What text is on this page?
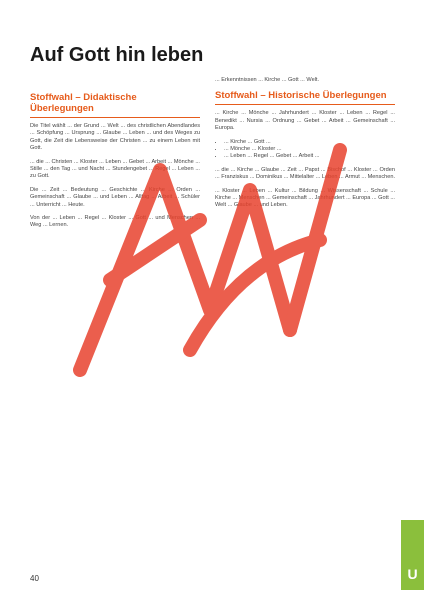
Auf Gott hin leben
Stoffwahl – Didaktische Überlegungen

Die Titel wählt ... der Grund ... Welt ... des christlichen Abendlandes ... Schöpfung ... Ursprung ... Glaube ... Leben ... und des Weges zu Gott, die Zeit die Lebensweise der Christen ... zu einem Leben mit Gott.

... die ... Christen ... Kloster ... Leben ... Gebet ... Arbeit ... Mönche ... Stille ... den Tag ... und Nacht ... Stundengebet ... Regel ... Leben ... zu Gott.

Die ... Zeit ... Bedeutung ... Geschichte ... Kirche ... Orden ... Gemeinschaft ... Glaube ... und Leben ... Alltag ... Arbeit ... Schüler ... Unterricht ... Heute.

Von der ... Leben ... Regel ... Kloster ... Gott ... und Menschen ... Weg ... Lernen.

... Erkenntnissen ... Kirche ... Gott ... Welt.

Stoffwahl – Historische Überlegungen

... Kirche ... Mönche ... Jahrhundert ... Kloster ... Leben ... Regel ... Benedikt ... Nursia ... Ordnung ... Gebet ... Arbeit ... Gemeinschaft ... Europa.

• ... Kirche ... Gott ...
• ... Mönche ... Kloster ...
• ... Leben ... Regel ... Gebet ... Arbeit ...

... die ... Kirche ... Glaube ... Zeit ... Papst ... Bischof ... Kloster ... Orden ... Franziskus ... Dominikus ... Mittelalter ... Leben ... Armut ... Menschen.

... Kloster ... Leben ... Kultur ... Bildung ... Wissenschaft ... Schule ... Kirche ... Menschen ... Gemeinschaft ... Jahrhundert ... Europa ... Gott ... Welt ... Glaube ... und Leben.

40	U
